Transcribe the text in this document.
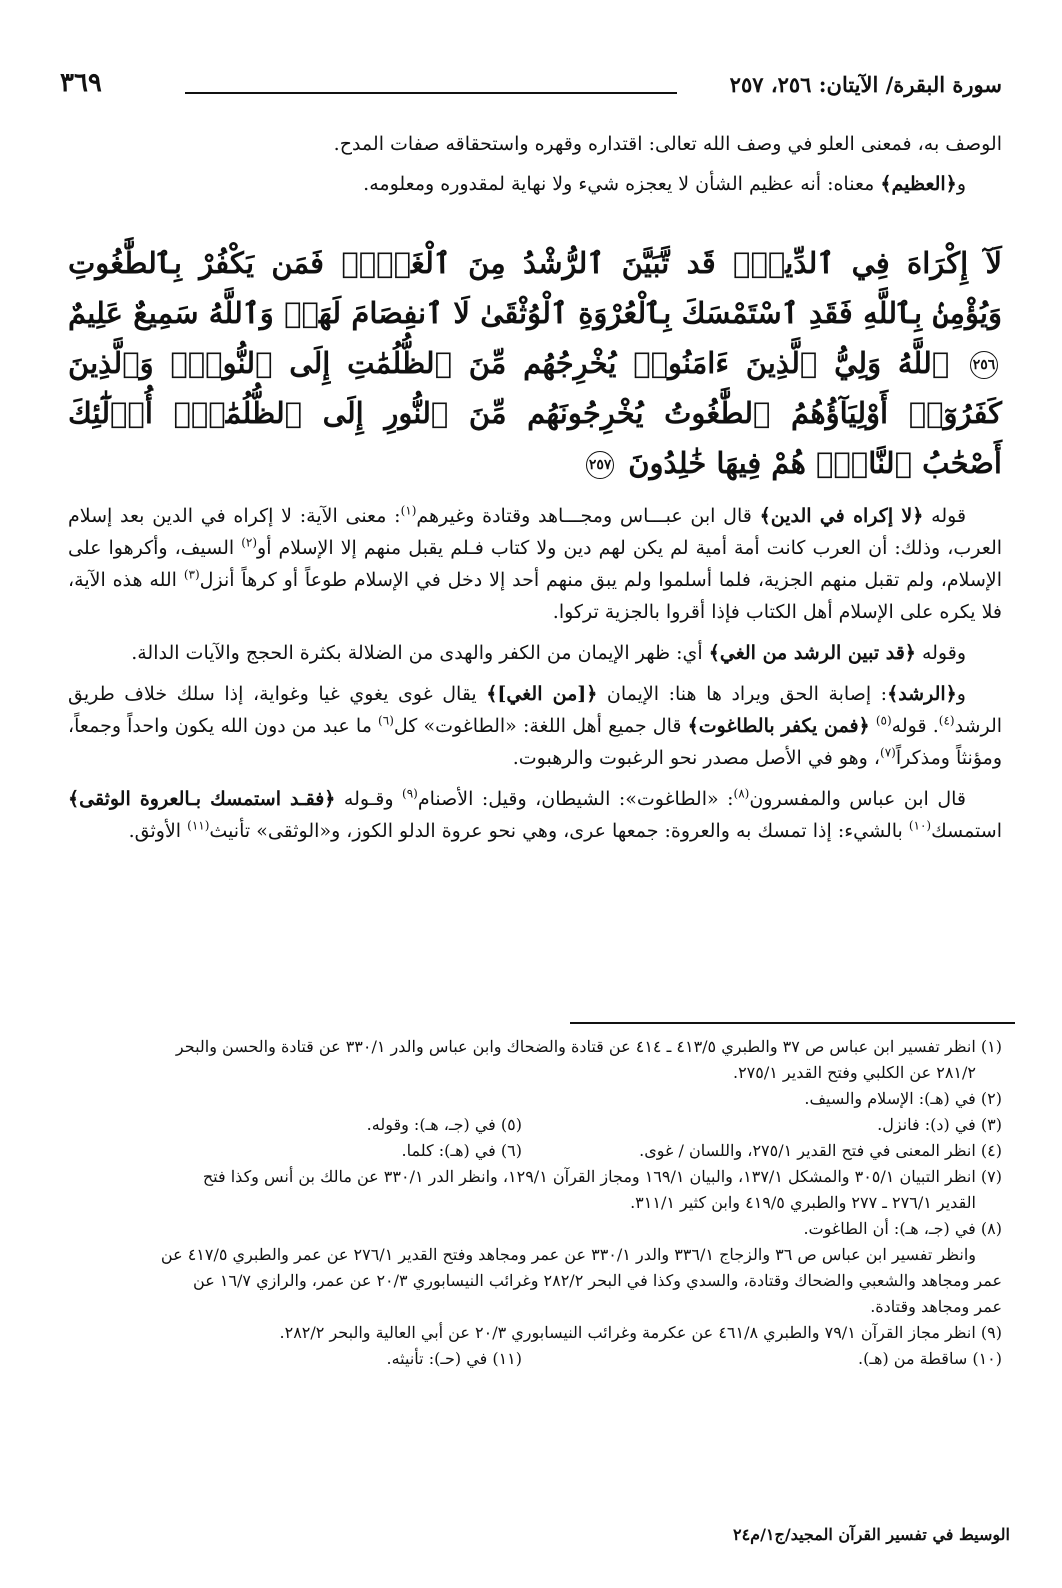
سورة البقرة/ الآيتان: ٢٥٦، ٢٥٧
٣٦٩

الوصف به، فمعنى العلو في وصف الله تعالى: اقتداره وقهره واستحقاقه صفات المدح.

و﴿العظيم﴾ معناه: أنه عظيم الشأن لا يعجزه شيء ولا نهاية لمقدوره ومعلومه.

لَآ إِكْرَاهَ فِي ٱلدِّينِۖ قَد تَّبَيَّنَ ٱلرُّشْدُ مِنَ ٱلْغَيِّۚ فَمَن يَكْفُرْ بِٱلطَّٰغُوتِ وَيُؤْمِنۢ بِٱللَّهِ فَقَدِ ٱسْتَمْسَكَ بِٱلْعُرْوَةِ ٱلْوُثْقَىٰ لَا ٱنفِصَامَ لَهَاۗ وَٱللَّهُ سَمِيعٌ عَلِيمٌ ٢٥٦ ٱللَّهُ وَلِيُّ ٱلَّذِينَ ءَامَنُوا۟ يُخْرِجُهُم مِّنَ ٱلظُّلُمَٰتِ إِلَى ٱلنُّورِۖ وَٱلَّذِينَ كَفَرُوٓا۟ أَوْلِيَآؤُهُمُ ٱلطَّٰغُوتُ يُخْرِجُونَهُم مِّنَ ٱلنُّورِ إِلَى ٱلظُّلُمَٰتِۗ أُو۟لَٰٓئِكَ أَصْحَٰبُ ٱلنَّارِۖ هُمْ فِيهَا خَٰلِدُونَ ٢٥٧

قوله ﴿لا إكراه في الدين﴾ قال ابن عبـــاس ومجـــاهد وقتادة وغيرهم$^{(١)}$: معنى الآية: لا إكراه في الدين بعد إسلام العرب، وذلك: أن العرب كانت أمة أمية لم يكن لهم دين ولا كتاب فـلم يقبل منهم إلا الإسلام أو$^{(٢)}$ السيف، وأكرهوا على الإسلام، ولم تقبل منهم الجزية، فلما أسلموا ولم يبق منهم أحد إلا دخل في الإسلام طوعاً أو كرهاً أنزل$^{(٣)}$ الله هذه الآية، فلا يكره على الإسلام أهل الكتاب فإذا أقروا بالجزية تركوا.

وقوله ﴿قد تبين الرشد من الغي﴾ أي: ظهر الإيمان من الكفر والهدى من الضلالة بكثرة الحجج والآيات الدالة.

و﴿الرشد﴾: إصابة الحق ويراد ها هنا: الإيمان ﴿[من الغي]﴾ يقال غوى يغوي غيا وغواية، إذا سلك خلاف طريق الرشد$^{(٤)}$. قوله$^{(٥)}$ ﴿فمن يكفر بالطاغوت﴾ قال جميع أهل اللغة: «الطاغوت» كل$^{(٦)}$ ما عبد من دون الله يكون واحداً وجمعاً، ومؤنثاً ومذكراً$^{(٧)}$، وهو في الأصل مصدر نحو الرغبوت والرهبوت.

قال ابن عباس والمفسرون$^{(٨)}$: «الطاغوت»: الشيطان، وقيل: الأصنام$^{(٩)}$ وقـوله ﴿فقـد استمسك بـالعروة الوثقى﴾ استمسك$^{(١٠)}$ بالشيء: إذا تمسك به والعروة: جمعها عرى، وهي نحو عروة الدلو الكوز، و«الوثقى» تأنيث$^{(١١)}$ الأوثق.

(١) انظر تفسير ابن عباس ص ٣٧ والطبري ٤١٣/٥ ـ ٤١٤ عن قتادة والضحاك وابن عباس والدر ٣٣٠/١ عن قتادة والحسن والبحر

٢٨١/٢ عن الكلبي وفتح القدير ٢٧٥/١.

(٢) في (هـ): الإسلام والسيف.

(٣) في (د): فانزل.
(٥) في (جـ، هـ): وقوله.
(٤) انظر المعنى في فتح القدير ٢٧٥/١، واللسان / غوى.
(٦) في (هـ): كلما.

(٧) انظر التبيان ٣٠٥/١ والمشكل ١٣٧/١، والبيان ١٦٩/١ ومجاز القرآن ١٢٩/١، وانظر الدر ٣٣٠/١ عن مالك بن أنس وكذا فتح

القدير ٢٧٦/١ ـ ٢٧٧ والطبري ٤١٩/٥ وابن كثير ٣١١/١.

(٨) في (جـ، هـ): أن الطاغوت.

وانظر تفسير ابن عباس ص ٣٦ والزجاج ٣٣٦/١ والدر ٣٣٠/١ عن عمر ومجاهد وفتح القدير ٢٧٦/١ عن عمر والطبري ٤١٧/٥ عن

عمر ومجاهد والشعبي والضحاك وقتادة، والسدي وكذا في البحر ٢٨٢/٢ وغرائب النيسابوري ٢٠/٣ عن عمر، والرازي ١٦/٧ عن

عمر ومجاهد وقتادة.

(٩) انظر مجاز القرآن ٧٩/١ والطبري ٤٦١/٨ عن عكرمة وغرائب النيسابوري ٢٠/٣ عن أبي العالية والبحر ٢٨٢/٢.

(١٠) ساقطة من (هـ).
(١١) في (حـ): تأنيثه.
الوسيط في تفسير القرآن المجيد/ج١/م٢٤
